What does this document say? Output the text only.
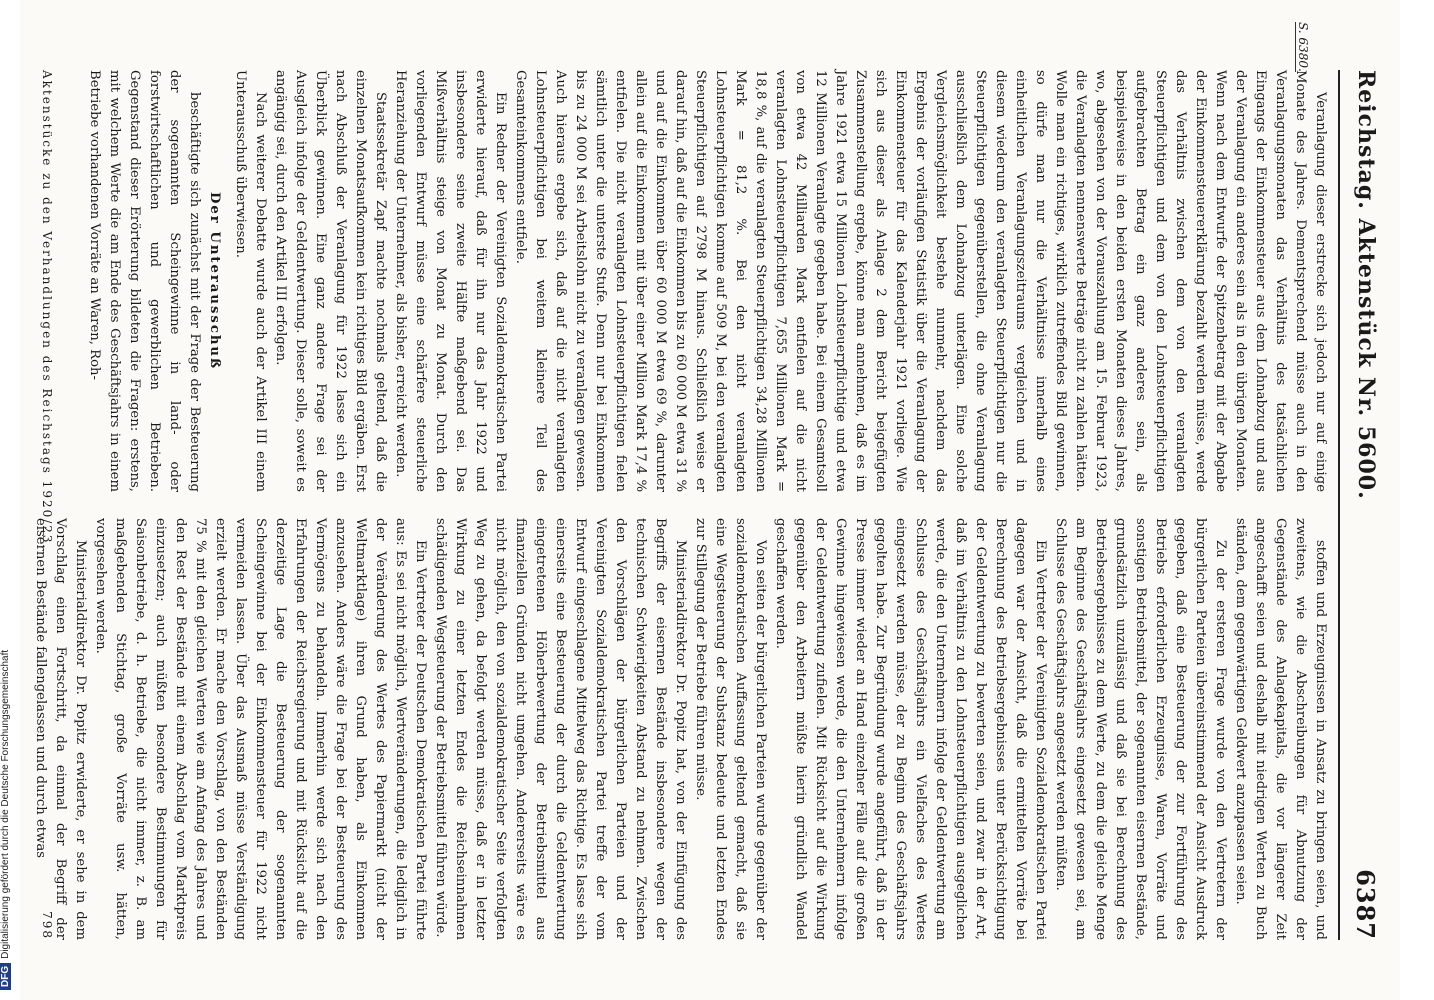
S. 6380.
Reichstag. Aktenstück Nr. 5600.
6387

Veranlagung dieser erstrecke sich jedoch nur auf einige Monate des Jahres. Dementsprechend müsse auch in den Veranlagungsmonaten das Verhältnis des tatsächlichen Eingangs der Einkommensteuer aus dem Lohnabzug und aus der Veranlagung ein anderes sein als in den übrigen Monaten. Wenn nach dem Entwurfe der Spitzenbetrag mit der Abgabe der Einkommensteuererklärung bezahlt werden müsse, werde das Verhältnis zwischen dem von den veranlagten Steuerpflichtigen und dem von den Lohnsteuerpflichtigen aufgebrachten Betrag ein ganz anderes sein, als beispielsweise in den beiden ersten Monaten dieses Jahres, wo, abgesehen von der Vorauszahlung am 15. Februar 1923, die Veranlagten nennenswerte Beträge nicht zu zahlen hätten. Wolle man ein richtiges, wirklich zutreffendes Bild gewinnen, so dürfe man nur die Verhältnisse innerhalb eines einheitlichen Veranlagungszeitraums vergleichen und in diesem wiederum den veranlagten Steuerpflichtigen nur die Steuerpflichtigen gegenüberstellen, die ohne Veranlagung ausschließlich dem Lohnabzug unterlägen. Eine solche Vergleichsmöglichkeit bestehe nunmehr, nachdem das Ergebnis der vorläufigen Statistik über die Veranlagung der Einkommensteuer für das Kalenderjahr 1921 vorliege. Wie sich aus dieser als Anlage 2 dem Bericht beigefügten Zusammenstellung ergebe, könne man annehmen, daß es im Jahre 1921 etwa 15 Millionen Lohnsteuerpflichtige und etwa 12 Millionen Veranlagte gegeben habe. Bei einem Gesamtsoll von etwa 42 Milliarden Mark entfielen auf die nicht veranlagten Lohnsteuerpflichtigen 7,655 Millionen Mark = 18,8 %, auf die veranlagten Steuerpflichtigen 34,28 Millionen Mark = 81,2 %. Bei den nicht veranlagten Lohnsteuerpflichtigen komme auf 509 M, bei den veranlagten Steuerpflichtigen auf 2798 M hinaus. Schließlich weise er darauf hin, daß auf die Einkommen bis zu 60 000 M etwa 31 % und auf die Einkommen über 60 000 M etwa 69 %, darunter allein auf die Einkommen mit über einer Million Mark 17,4 % entfielen. Die nicht veranlagten Lohnsteuerpflichtigen fielen sämtlich unter die unterste Stufe. Denn nur bei Einkommen bis zu 24 000 M sei Arbeitslohn nicht zu veranlagen gewesen. Auch hieraus ergebe sich, daß auf die nicht veranlagten Lohnsteuerpflichtigen bei weitem kleinere Teil des Gesamteinkommens entfiele.

Ein Redner der Vereinigten Sozialdemokratischen Partei erwiderte hierauf, daß für ihn nur das Jahr 1922 und insbesondere seine zweite Hälfte maßgebend sei. Das Mißverhältnis steige von Monat zu Monat. Durch den vorliegenden Entwurf müsse eine schärfere steuerliche Heranziehung der Unternehmer, als bisher, erreicht werden.

Staatssekretär Zapf machte nochmals geltend, daß die einzelnen Monatsaufkommen kein richtiges Bild ergäben. Erst nach Abschluß der Veranlagung für 1922 lasse sich ein Überblick gewinnen. Eine ganz andere Frage sei der Ausgleich infolge der Geldentwertung. Dieser solle, soweit es angängig sei, durch den Artikel III erfolgen.

Nach weiterer Debatte wurde auch der Artikel III einem Unterausschuß überwiesen.

Der Unterausschuß

beschäftigte sich zunächst mit der Frage der Besteuerung der sogenannten Scheingewinne in land- oder forstwirtschaftlichen und gewerblichen Betrieben. Gegenstand dieser Erörterung bildeten die Fragen: erstens, mit welchem Werte die am Ende des Geschäftsjahrs in einem Betriebe vorhandenen Vorräte an Waren, Roh-

stoffen und Erzeugnissen in Ansatz zu bringen seien, und zweitens, wie die Abschreibungen für Abnutzung der Gegenstände des Anlagekapitals, die vor längerer Zeit angeschafft seien und deshalb mit niedrigen Werten zu Buch ständen, dem gegenwärtigen Geldwert anzupassen seien.

Zu der ersteren Frage wurde von den Vertretern der bürgerlichen Parteien übereinstimmend der Ansicht Ausdruck gegeben, daß eine Besteuerung der zur Fortführung des Betriebs erforderlichen Erzeugnisse, Waren, Vorräte und sonstigen Betriebsmittel, der sogenannten eisernen Bestände, grundsätzlich unzulässig und daß sie bei Berechnung des Betriebsergebnisses zu dem Werte, zu dem die gleiche Menge am Beginne des Geschäftsjahrs eingesetzt gewesen sei, am Schlusse des Geschäftsjahrs angesetzt werden müßten.

Ein Vertreter der Vereinigten Sozialdemokratischen Partei dagegen war der Ansicht, daß die ermittelten Vorräte bei Berechnung des Betriebsergebnisses unter Berücksichtigung der Geldentwertung zu bewerten seien, und zwar in der Art, daß im Verhältnis zu den Lohnsteuerpflichtigen ausgeglichen werde, die den Unternehmern infolge der Geldentwertung am Schlusse des Geschäftsjahrs ein Vielfaches des Wertes eingesetzt werden müsse, der zu Beginn des Geschäftsjahrs gegolten habe. Zur Begründung wurde angeführt, daß in der Presse immer wieder an Hand einzelner Fälle auf die großen Gewinne hingewiesen werde, die den Unternehmern infolge der Geldentwertung zufielen. Mit Rücksicht auf die Wirkung gegenüber den Arbeitern müßte hierin gründlich Wandel geschaffen werden.

Von seiten der bürgerlichen Parteien wurde gegenüber der sozialdemokratischen Auffassung geltend gemacht, daß sie eine Wegsteuerung der Substanz bedeute und letzten Endes zur Stillegung der Betriebe führen müsse.

Ministerialdirektor Dr. Popitz hat, von der Einfügung des Begriffs der eisernen Bestände insbesondere wegen der technischen Schwierigkeiten Abstand zu nehmen. Zwischen den Vorschlägen der bürgerlichen Parteien und der Vereinigten Sozialdemokratischen Partei treffe der vom Entwurf eingeschlagene Mittelweg das Richtige. Es lasse sich einerseits eine Besteuerung der durch die Geldentwertung eingetretenen Höherbewertung der Betriebsmittel aus finanziellen Gründen nicht umgehen. Andererseits wäre es nicht möglich, den von sozialdemokratischer Seite verfolgten Weg zu gehen, da befolgt werden müsse, daß er in letzter Wirkung zu einer letzten Endes die Reichseinnahmen schädigenden Wegsteuerung der Betriebsmittel führen würde.

Ein Vertreter der Deutschen Demokratischen Partei führte aus: Es sei nicht möglich, Wertveränderungen, die lediglich in der Veränderung des Wertes des Papiermarkt (nicht der Weltmarktlage) ihren Grund haben, als Einkommen anzusehen. Anders wäre die Frage bei der Besteuerung des Vermögens zu behandeln. Immerhin werde sich nach den Erfahrungen der Reichsregierung und mit Rücksicht auf die derzeitige Lage die Besteuerung der sogenannten Scheingewinne bei der Einkommensteuer für 1922 nicht vermeiden lassen. Über das Ausmaß müsse Verständigung erzielt werden. Er mache den Vorschlag, von den Beständen 75 % mit den gleichen Werten wie am Anfang des Jahres und den Rest der Bestände mit einem Abschlag vom Marktpreis einzusetzen; auch müßten besondere Bestimmungen für Saisonbetriebe, d. h. Betriebe, die nicht immer, z. B. am maßgebenden Stichtag, große Vorräte usw. hätten, vorgesehen werden.

Ministerialdirektor Dr. Popitz erwiderte, er sehe in dem Vorschlag einen Fortschritt, da einmal der Begriff der eisernen Bestände fallengelassen und durch etwas

Aktenstücke zu den Verhandlungen des Reichstags 1920/23.
798
DFGDigitalisierung gefördert durch die Deutsche Forschungsgemeinschaft
